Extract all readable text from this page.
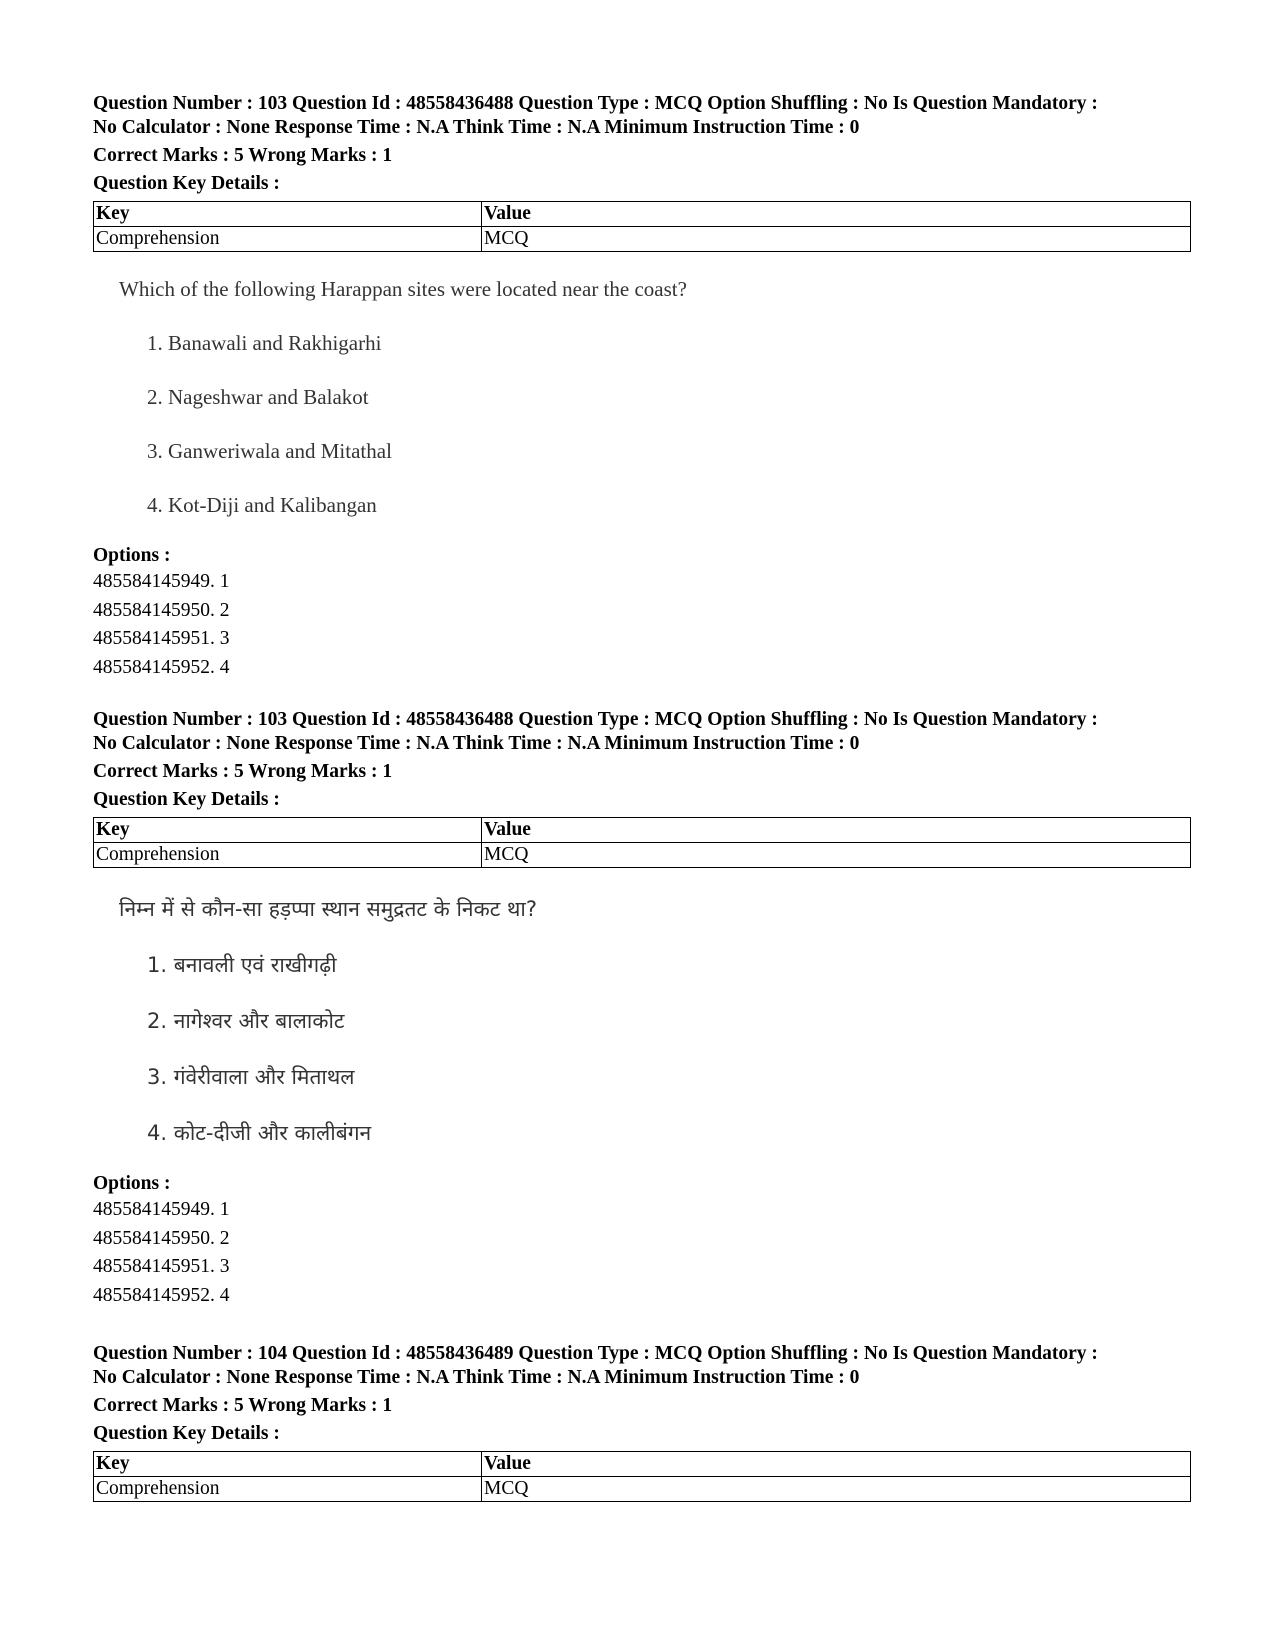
Question Number : 103 Question Id : 48558436488 Question Type : MCQ Option Shuffling : No Is Question Mandatory :

No Calculator : None Response Time : N.A Think Time : N.A Minimum Instruction Time : 0

Correct Marks : 5 Wrong Marks : 1
Question Key Details :
Key	Value
Comprehension	MCQ
Which of the following Harappan sites were located near the coast?
1. Banawali and Rakhigarhi
2. Nageshwar and Balakot
3. Ganweriwala and Mitathal
4. Kot-Diji and Kalibangan
Options :
485584145949. 1
485584145950. 2
485584145951. 3
485584145952. 4

Question Number : 103 Question Id : 48558436488 Question Type : MCQ Option Shuffling : No Is Question Mandatory :

No Calculator : None Response Time : N.A Think Time : N.A Minimum Instruction Time : 0

Correct Marks : 5 Wrong Marks : 1
Question Key Details :
Key	Value
Comprehension	MCQ
निम्न में से कौन-सा हड़प्पा स्थान समुद्रतट के निकट था?
1. बनावली एवं राखीगढ़ी
2. नागेश्वर और बालाकोट
3. गंवेरीवाला और मिताथल
4. कोट-दीजी और कालीबंगन
Options :
485584145949. 1
485584145950. 2
485584145951. 3
485584145952. 4

Question Number : 104 Question Id : 48558436489 Question Type : MCQ Option Shuffling : No Is Question Mandatory :

No Calculator : None Response Time : N.A Think Time : N.A Minimum Instruction Time : 0

Correct Marks : 5 Wrong Marks : 1
Question Key Details :
Key	Value
Comprehension	MCQ
